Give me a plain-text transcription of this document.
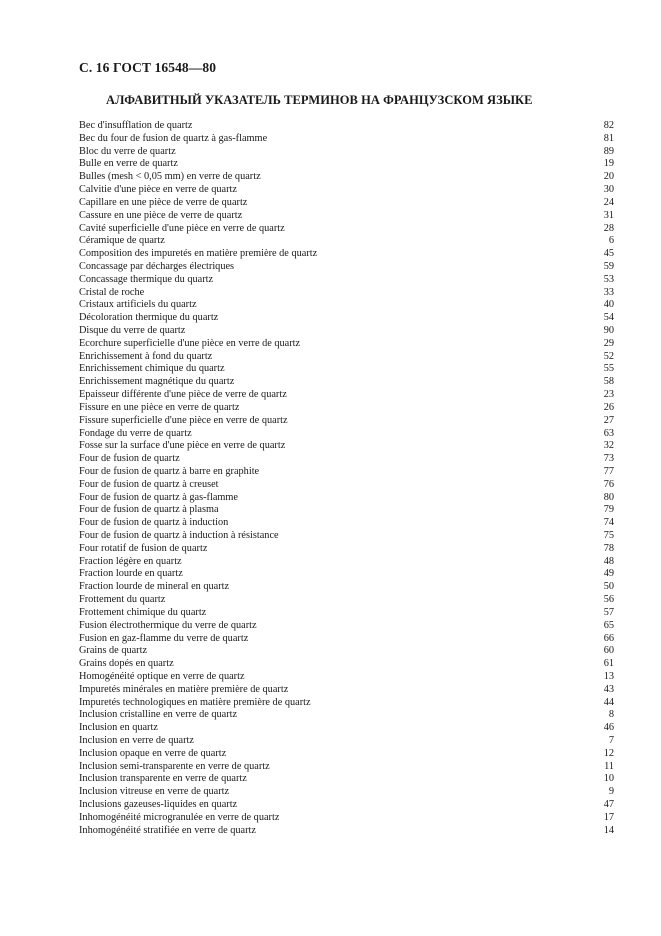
С. 16 ГОСТ 16548—80
АЛФАВИТНЫЙ УКАЗАТЕЛЬ ТЕРМИНОВ НА ФРАНЦУЗСКОМ ЯЗЫКЕ
Bec d'insufflation de quartz	82
Bec du four de fusion de quartz à gas-flamme	81
Bloc du verre de quartz	89
Bulle en verre de quartz	19
Bulles (mesh < 0,05 mm) en verre de quartz	20
Calvitie d'une pièce en verre de quartz	30
Capillare en une pièce de verre de quartz	24
Cassure en une pièce de verre de quartz	31
Cavité superficielle d'une pièce en verre de quartz	28
Céramique de quartz	6
Composition des impuretés en matière première de quartz	45
Concassage par décharges électriques	59
Concassage thermique du quartz	53
Cristal de roche	33
Cristaux artificiels du quartz	40
Décoloration thermique du quartz	54
Disque du verre de quartz	90
Ecorchure superficielle d'une pièce en verre de quartz	29
Enrichissement à fond du quartz	52
Enrichissement chimique du quartz	55
Enrichissement magnétique du quartz	58
Epaisseur différente d'une pièce de verre de quartz	23
Fissure en une pièce en verre de quartz	26
Fissure superficielle d'une pièce en verre de quartz	27
Fondage du verre de quartz	63
Fosse sur la surface d'une pièce en verre de quartz	32
Four de fusion de quartz	73
Four de fusion de quartz à barre en graphite	77
Four de fusion de quartz à creuset	76
Four de fusion de quartz à gas-flamme	80
Four de fusion de quartz à plasma	79
Four de fusion de quartz à induction	74
Four de fusion de quartz à induction à résistance	75
Four rotatif de fusion de quartz	78
Fraction légère en quartz	48
Fraction lourde en quartz	49
Fraction lourde de mineral en quartz	50
Frottement du quartz	56
Frottement chimique du quartz	57
Fusion électrothermique du verre de quartz	65
Fusion en gaz-flamme du verre de quartz	66
Grains de quartz	60
Grains dopés en quartz	61
Homogénéité optique en verre de quartz	13
Impuretés minérales en matière première de quartz	43
Impuretés technologiques en matière première de quartz	44
Inclusion cristalline en verre de quartz	8
Inclusion en quartz	46
Inclusion en verre de quartz	7
Inclusion opaque en verre de quartz	12
Inclusion semi-transparente en verre de quartz	11
Inclusion transparente en verre de quartz	10
Inclusion vitreuse en verre de quartz	9
Inclusions gazeuses-liquides en quartz	47
Inhomogénéité microgranulée en verre de quartz	17
Inhomogénéité stratifiée en verre de quartz	14
